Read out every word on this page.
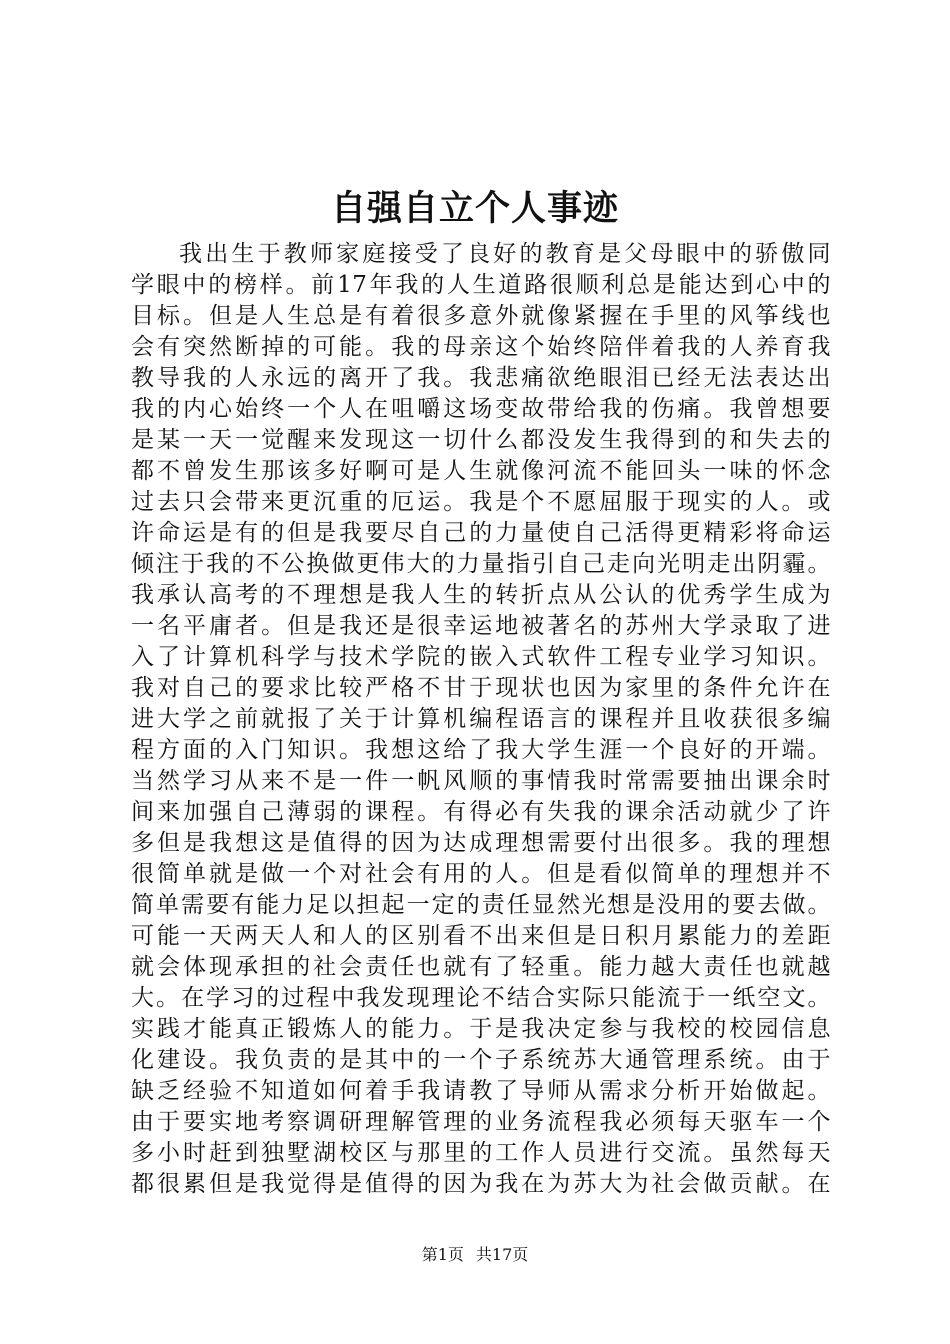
自强自立个人事迹
我出生于教师家庭接受了良好的教育是父母眼中的骄傲同
学眼中的榜样。前17年我的人生道路很顺利总是能达到心中的
目标。但是人生总是有着很多意外就像紧握在手里的风筝线也
会有突然断掉的可能。我的母亲这个始终陪伴着我的人养育我
教导我的人永远的离开了我。我悲痛欲绝眼泪已经无法表达出
我的内心始终一个人在咀嚼这场变故带给我的伤痛。我曾想要
是某一天一觉醒来发现这一切什么都没发生我得到的和失去的
都不曾发生那该多好啊可是人生就像河流不能回头一味的怀念
过去只会带来更沉重的厄运。我是个不愿屈服于现实的人。或
许命运是有的但是我要尽自己的力量使自己活得更精彩将命运
倾注于我的不公换做更伟大的力量指引自己走向光明走出阴霾。
我承认高考的不理想是我人生的转折点从公认的优秀学生成为
一名平庸者。但是我还是很幸运地被著名的苏州大学录取了进
入了计算机科学与技术学院的嵌入式软件工程专业学习知识。
我对自己的要求比较严格不甘于现状也因为家里的条件允许在
进大学之前就报了关于计算机编程语言的课程并且收获很多编
程方面的入门知识。我想这给了我大学生涯一个良好的开端。
当然学习从来不是一件一帆风顺的事情我时常需要抽出课余时
间来加强自己薄弱的课程。有得必有失我的课余活动就少了许
多但是我想这是值得的因为达成理想需要付出很多。我的理想
很简单就是做一个对社会有用的人。但是看似简单的理想并不
简单需要有能力足以担起一定的责任显然光想是没用的要去做。
可能一天两天人和人的区别看不出来但是日积月累能力的差距
就会体现承担的社会责任也就有了轻重。能力越大责任也就越
大。在学习的过程中我发现理论不结合实际只能流于一纸空文。
实践才能真正锻炼人的能力。于是我决定参与我校的校园信息
化建设。我负责的是其中的一个子系统苏大通管理系统。由于
缺乏经验不知道如何着手我请教了导师从需求分析开始做起。
由于要实地考察调研理解管理的业务流程我必须每天驱车一个
多小时赶到独墅湖校区与那里的工作人员进行交流。虽然每天
都很累但是我觉得是值得的因为我在为苏大为社会做贡献。在
第1页 共17页
